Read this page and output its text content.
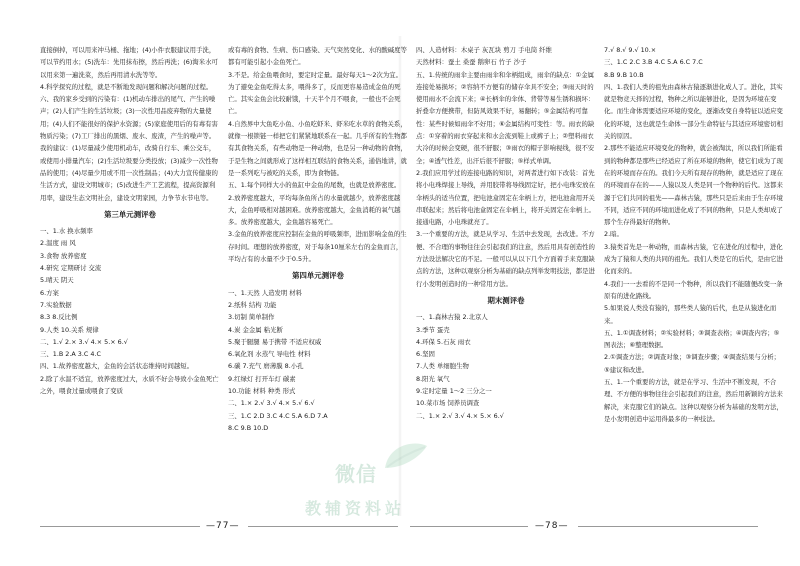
直接倒掉，可以用来冲马桶、拖地；(4)小件衣服建议用手洗，可以节约用水；(5)洗车：先用抹布擦，然后再洗；(6)淘米水可以用来第一遍洗菜，然后再用清水洗等等。

4.科学探究的过程，就是不断地发现问题和解决问题的过程。

六、我的家乡受到的污染有：(1)机动车排出的尾气、产生的噪声；(2)人们产生的生活垃圾；(3)一次性用品废弃物的大量使用；(4)人们不能很好的保护水资源；(5)家庭使用后的有毒有害物质污染；(7)工厂排出的黑烟、废水、废渣，产生的噪声等。

我的建议：(1)尽量减少使用机动车，改骑自行车、乘公交车，或使用小排量汽车；(2)生活垃圾要分类投放；(3)减少一次性物品的使用；(4)尽量少用或不用一次性制品；(4)大力宣传健康的生活方式，建设文明城市；(5)改进生产工艺流程，提高资源利用率，建设生态文明社会，建设文明家园，力争节水节电等。

第三单元测评卷

一、1.水 换水频率

2.温度 雨 风

3.食物 放养密度

4.研究 定期研讨 交流

5.晴天 阴天

6.方案

7.实验数据

8.3 8.反比例

9.人类 10.关系 规律

二、1.√ 2.× 3.√ 4.× 5.× 6.√

三、1.B 2.A 3.C 4.C

四、1.故养密度越大，金鱼的会活状态维持时间越短。

2.除了水温不适宜，放养密度过大，水质不好会导致小金鱼死亡之外，喂食过量或喂食了变质

或有毒的食物、生病、伤口感染、天气突然变化、水的酸碱度等都有可能引起小金鱼死亡。

3.不是。给金鱼喂食时，要定时定量。最好每天1～2次为宜。为了避免金鱼吃得太多，喂得多了，反而更容易造成金鱼的死亡。其实金鱼会比较耐饿，十天半个月不喂食，一般也不会死亡。

4.自然界中大鱼吃小鱼、小鱼吃虾米、虾米吃水草的食物关系，就像一根锁链一样把它们紧紧地联系在一起。几乎所有的生物都有其食物关系，有些动物是一种动物，也是另一种动物的食物，于是生物之间就形成了这样相互联结的食物关系，通俗地讲，就是一系列吃与被吃的关系，即为食物链。

五、1.每个同样大小的鱼缸中金鱼的尾数，也就是放养密度。

2.放养密度越大，平均每条鱼所占的水量就越少，放养密度越大，金鱼呼吸相对越困难。放养密度越大，金鱼消耗的氧气越多。放养密度越大，金鱼越容易死亡。

3.金鱼的放养密度应控制在金鱼的呼吸频率，进而影响金鱼的生存时间。理想的放养密度，对于每条10厘米左右的金鱼而言，平均占有的水量不少于0.5升。

第四单元测评卷

一、1.天然 人造发明 材料

2.纸科 结构 功能

3.切制 简单制作

4.炭 金金属 粘光断

5.聚于腿腿 易于携带 不适应权威

6.氧化剂 水蒸气 导电性 材料

6.碳 7.充气 磨薄膜 8.小孔

9.红绿灯 打开车灯 碳素

10.功能 材料 种类 形式

二、1.× 2.√ 3.√ 4.× 5.√ 6.√

三、1.C 2.D 3.C 4.C 5.A 6.D 7.A

8.C 9.B 10.D

四、人造材料：木桌子 灰瓦块 剪刀 手电筒 纤维

天然材料：蚕土 桑蚕 鹅卵石 竹子 沙子

五、1.传统的雨伞主要由雨伞和伞柄组成，雨伞的缺点：①金属连接处易损坏；②容纳不方便有的储存伞具不安全；③雨天时的使用雨水不会流下来；④长柄伞的伞体、背带等易生锈和损坏：折叠伞方便携带，但防风效果不好，易翻转；⑤金属结构可靠性：某些时候如雨伞不好用；⑥金属结构可变性：等。雨衣的缺点：①穿着的雨衣穿起来和水会流到鞋上或裤子上；②塑料雨衣大冷的时候会变硬，很不舒服；③雨衣的帽子影响视线，很不安全；④透气性差，出汗后很不舒服；⑤样式单调。

2.我们应用学过的连接电路的知识，对两者进行如下改装：首先将小电珠焊接上导线，并用胶带将导线固定好，把小电珠安放在伞柄头的适当位置，把电池盒固定在伞柄上方，把电池盒用开关串联起来；然后将电池盒固定在伞柄上，将开关固定在伞柄上。接通电路，小电珠就亮了。

3.一个重要的方法，就是从学习、生活中去发现，去改进。不方便、不合理的事物往往会引起我们的注意，然后用具有创造性的方法设法解决它的不足。一般可以从以下几个方面着手来克服缺点的方法，这种以观察分析为基础的缺点列举发明技法，都是进行小发明创造时的一种常用方法。

期末测评卷

一、1.森林古猿 2.北京人

3.季节 蛋壳

4.环保 5.石灰 雨衣

6.坚固

7.人类 单细胞生物

8.阳光 氧气

9.定时定量 1～2 三分之一

10.菜市场 饲养员调查

二、1.× 2.√ 3.√ 4.× 5.× 6.√

7.√ 8.√ 9.√ 10.×

三、1.C 2.C 3.B 4.C 5.A 6.C 7.C

8.B 9.B 10.B

四、1.我们人类的祖先由森林古猿逐渐进化成人了。进化，其实就是物竞天择的过程，物种之所以能够进化，是因为环境在变化。而生命体需要适应环境的变化，逐渐改变自身特征以适应变化的环境，这也就是生命体一部分生命特征与其适应环境密切相关的原因。

2.那些不能适应环境变化的物种，就会被淘汰，所以我们所能看到的物种都是那些已经适应了所在环境的物种，使它们成为了现在的环境而存在的。我们今天所有现存的物种，就是适应了现在的环境而存在的——人猿以及人类是同一个物种的后代。这都来源于它们共同的祖先——森林古猿，那些只是后来由于生存环境不同，适应不同的环境而进化成了不同的物种，只是人类却成了那个生存得最好的物种。

2.暗。

3.猿类首先是一种动物，而森林古猿，它在进化的过程中，进化成为了猿和人类的共同的祖先。我们人类是它的后代，是由它进化而来的。

4.我们一一去看的不是同一个物种，所以我们不能随便改变一条原有的进化路线。

5.如果说人类没有猿的，那些类人猿的后代，也是从猿进化而来。

五、1.①调查材料；②实验材料；③调查表格；④调查内容；⑤图表法；⑥整理数据。

2.①调查方法；②调查对象；③调查步骤；④调查结果与分析；⑤建议和改进。

五、1.一个重要的方法，就是在学习、生活中不断发现，不合理、不方便的事物往往会引起我们的注意，然后用新颖的方法来解决，来克服它们的缺点。这种以观察分析为基础的发明方法，是小发明创造中运用得最多的一种技法。

—77—	—78—
微信
教辅资料站
